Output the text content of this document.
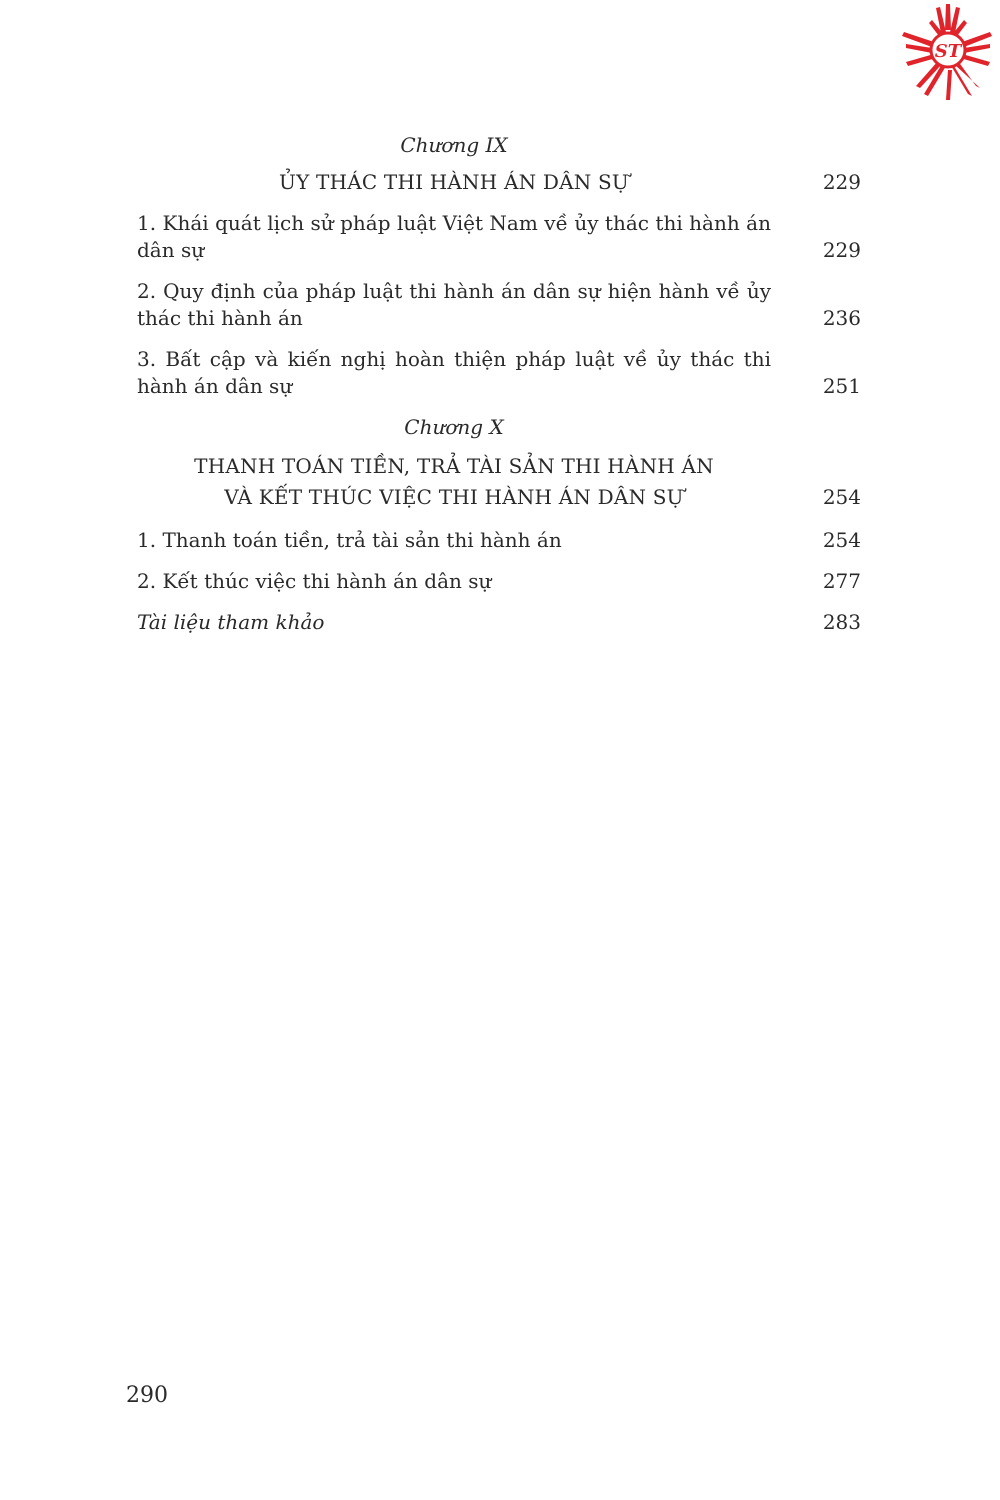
ST
Chương IX
ỦY THÁC THI HÀNH ÁN DÂN SỰ	229
1. Khái quát lịch sử pháp luật Việt Nam về ủy thác thi hành án dân sự	229
2. Quy định của pháp luật thi hành án dân sự hiện hành về ủy thác thi hành án	236
3. Bất cập và kiến nghị hoàn thiện pháp luật về ủy thác thi hành án dân sự	251
Chương X
THANH TOÁN TIỀN, TRẢ TÀI SẢN THI HÀNH ÁN
VÀ KẾT THÚC VIỆC THI HÀNH ÁN DÂN SỰ	254
1. Thanh toán tiền, trả tài sản thi hành án	254
2. Kết thúc việc thi hành án dân sự	277
Tài liệu tham khảo	283
290
